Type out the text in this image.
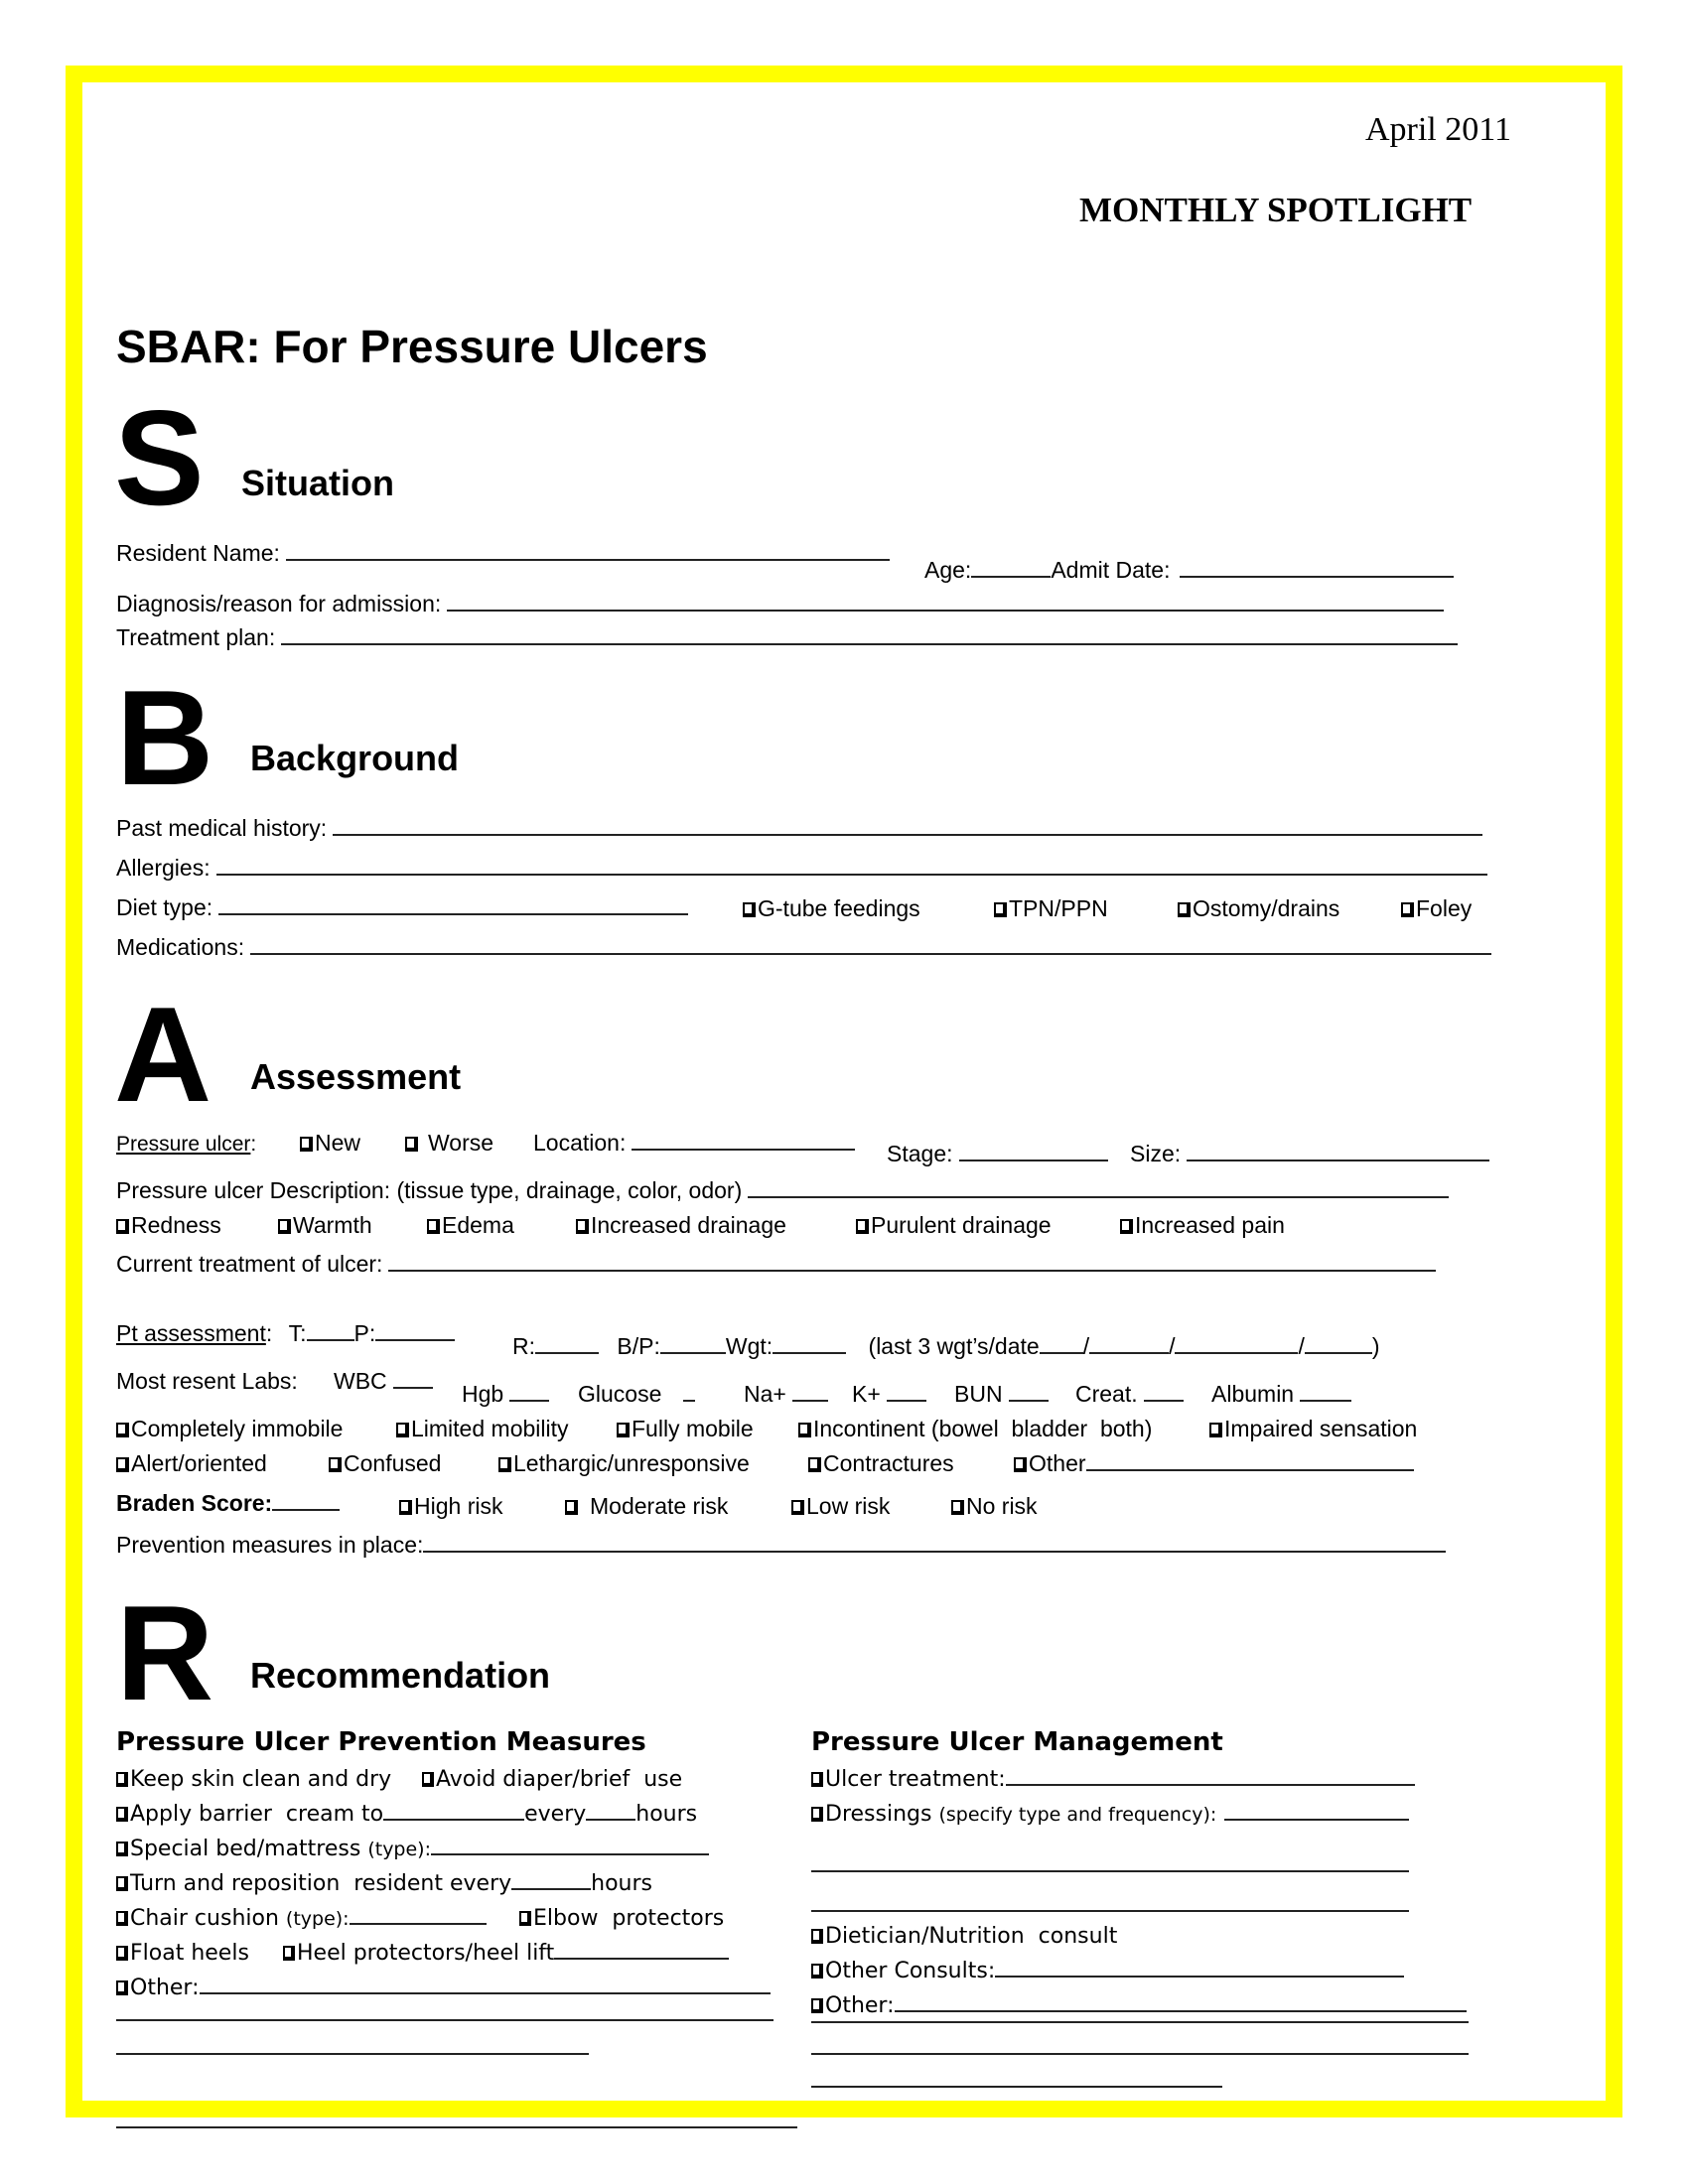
April 2011
MONTHLY SPOTLIGHT
SBAR: For Pressure Ulcers
S Situation
Resident Name:
Age:	Admit Date:
Diagnosis/reason for admission:
Treatment plan:
B Background
Past medical history:
Allergies:
Diet type:	G-tube feedings	TPN/PPN	Ostomy/drains	Foley
Medications:
A Assessment
Pressure ulcer:	New	Worse Location:	Stage:	Size:
Pressure ulcer Description: (tissue type, drainage, color, odor)
Redness	Warmth	Edema	Increased drainage	Purulent drainage	Increased pain
Current treatment of ulcer:
Pt assessment: T: P:	R:	B/P:	Wgt:	(last 3 wgt’s/date /	/	/	)
Most resent Labs: WBC	Hgb	Glucose	Na+	K+	BUN	Creat.	Albumin
Completely immobile	Limited mobility	Fully mobile	Incontinent (bowel  bladder  both)	Impaired sensation
Alert/oriented	Confused	Lethargic/unresponsive	Contractures	Other
Braden Score:	High risk	Moderate risk	Low risk	No risk
Prevention measures in place:
R Recommendation
Pressure Ulcer Prevention Measures
Keep skin clean and dry	Avoid diaper/brief  use
Apply barrier  cream to	every hours
Special bed/mattress (type):
Turn and reposition  resident every	hours
Chair cushion (type):	Elbow  protectors
Float heels	Heel protectors/heel lift
Other:
Pressure Ulcer Management
Ulcer treatment:
Dressings (specify type and frequency):
Dietician/Nutrition  consult
Other Consults:
Other:
